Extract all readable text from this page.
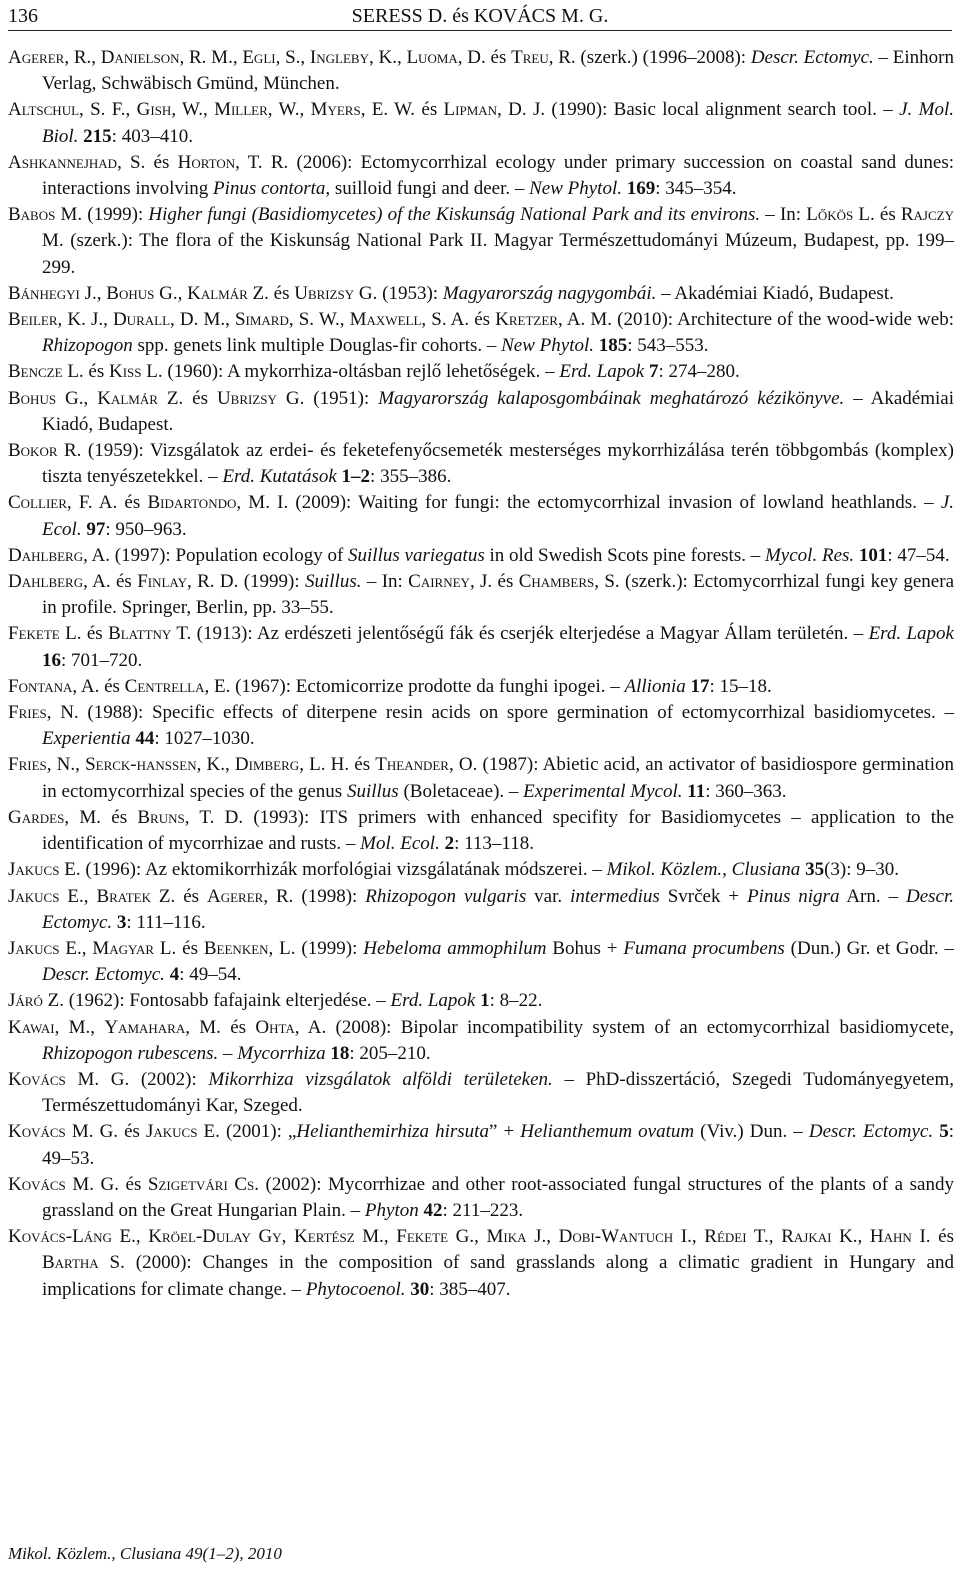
136	SERESS D. és KOVÁCS M. G.

Agerer, R., Danielson, R. M., Egli, S., Ingleby, K., Luoma, D. és Treu, R. (szerk.) (1996–2008): Descr. Ectomyc. – Einhorn Verlag, Schwäbisch Gmünd, München.

Altschul, S. F., Gish, W., Miller, W., Myers, E. W. és Lipman, D. J. (1990): Basic local alignment search tool. – J. Mol. Biol. 215: 403–410.

Ashkannejhad, S. és Horton, T. R. (2006): Ectomycorrhizal ecology under primary succession on coastal sand dunes: interactions involving Pinus contorta, suilloid fungi and deer. – New Phytol. 169: 345–354.

Babos M. (1999): Higher fungi (Basidiomycetes) of the Kiskunság National Park and its environs. – In: Lőkös L. és Rajczy M. (szerk.): The flora of the Kiskunság National Park II. Magyar Természettudományi Múzeum, Budapest, pp. 199–299.

Bánhegyi J., Bohus G., Kalmár Z. és Ubrizsy G. (1953): Magyarország nagygombái. – Akadémiai Kiadó, Budapest.

Beiler, K. J., Durall, D. M., Simard, S. W., Maxwell, S. A. és Kretzer, A. M. (2010): Architecture of the wood-wide web: Rhizopogon spp. genets link multiple Douglas-fir cohorts. – New Phytol. 185: 543–553.

Bencze L. és Kiss L. (1960): A mykorrhiza-oltásban rejlő lehetőségek. – Erd. Lapok 7: 274–280.

Bohus G., Kalmár Z. és Ubrizsy G. (1951): Magyarország kalaposgombáinak meghatározó kézikönyve. – Akadémiai Kiadó, Budapest.

Bokor R. (1959): Vizsgálatok az erdei- és feketefenyőcsemeték mesterséges mykorrhizálása terén többgombás (komplex) tiszta tenyészetekkel. – Erd. Kutatások 1–2: 355–386.

Collier, F. A. és Bidartondo, M. I. (2009): Waiting for fungi: the ectomycorrhizal invasion of lowland heathlands. – J. Ecol. 97: 950–963.

Dahlberg, A. (1997): Population ecology of Suillus variegatus in old Swedish Scots pine forests. – Mycol. Res. 101: 47–54.

Dahlberg, A. és Finlay, R. D. (1999): Suillus. – In: Cairney, J. és Chambers, S. (szerk.): Ectomycorrhizal fungi key genera in profile. Springer, Berlin, pp. 33–55.

Fekete L. és Blattny T. (1913): Az erdészeti jelentőségű fák és cserjék elterjedése a Magyar Állam területén. – Erd. Lapok 16: 701–720.

Fontana, A. és Centrella, E. (1967): Ectomicorrize prodotte da funghi ipogei. – Allionia 17: 15–18.

Fries, N. (1988): Specific effects of diterpene resin acids on spore germination of ectomycorrhizal basidiomycetes. – Experientia 44: 1027–1030.

Fries, N., Serck-hanssen, K., Dimberg, L. H. és Theander, O. (1987): Abietic acid, an activator of basidiospore germination in ectomycorrhizal species of the genus Suillus (Boletaceae). – Experimental Mycol. 11: 360–363.

Gardes, M. és Bruns, T. D. (1993): ITS primers with enhanced specifity for Basidiomycetes – application to the identification of mycorrhizae and rusts. – Mol. Ecol. 2: 113–118.

Jakucs E. (1996): Az ektomikorrhizák morfológiai vizsgálatának módszerei. – Mikol. Közlem., Clusiana 35(3): 9–30.

Jakucs E., Bratek Z. és Agerer, R. (1998): Rhizopogon vulgaris var. intermedius Svrček + Pinus nigra Arn. – Descr. Ectomyc. 3: 111–116.

Jakucs E., Magyar L. és Beenken, L. (1999): Hebeloma ammophilum Bohus + Fumana procumbens (Dun.) Gr. et Godr. – Descr. Ectomyc. 4: 49–54.

Járó Z. (1962): Fontosabb fafajaink elterjedése. – Erd. Lapok 1: 8–22.

Kawai, M., Yamahara, M. és Ohta, A. (2008): Bipolar incompatibility system of an ectomycorrhizal basidiomycete, Rhizopogon rubescens. – Mycorrhiza 18: 205–210.

Kovács M. G. (2002): Mikorrhiza vizsgálatok alföldi területeken. – PhD-disszertáció, Szegedi Tudományegyetem, Természettudományi Kar, Szeged.

Kovács M. G. és Jakucs E. (2001): „Helianthemirhiza hirsuta” + Helianthemum ovatum (Viv.) Dun. – Descr. Ectomyc. 5: 49–53.

Kovács M. G. és Szigetvári Cs. (2002): Mycorrhizae and other root-associated fungal structures of the plants of a sandy grassland on the Great Hungarian Plain. – Phyton 42: 211–223.

Kovács-Láng E., Kröel-Dulay Gy, Kertész M., Fekete G., Mika J., Dobi-Wantuch I., Rédei T., Rajkai K., Hahn I. és Bartha S. (2000): Changes in the composition of sand grasslands along a climatic gradient in Hungary and implications for climate change. – Phytocoenol. 30: 385–407.

Mikol. Közlem., Clusiana 49(1–2), 2010
